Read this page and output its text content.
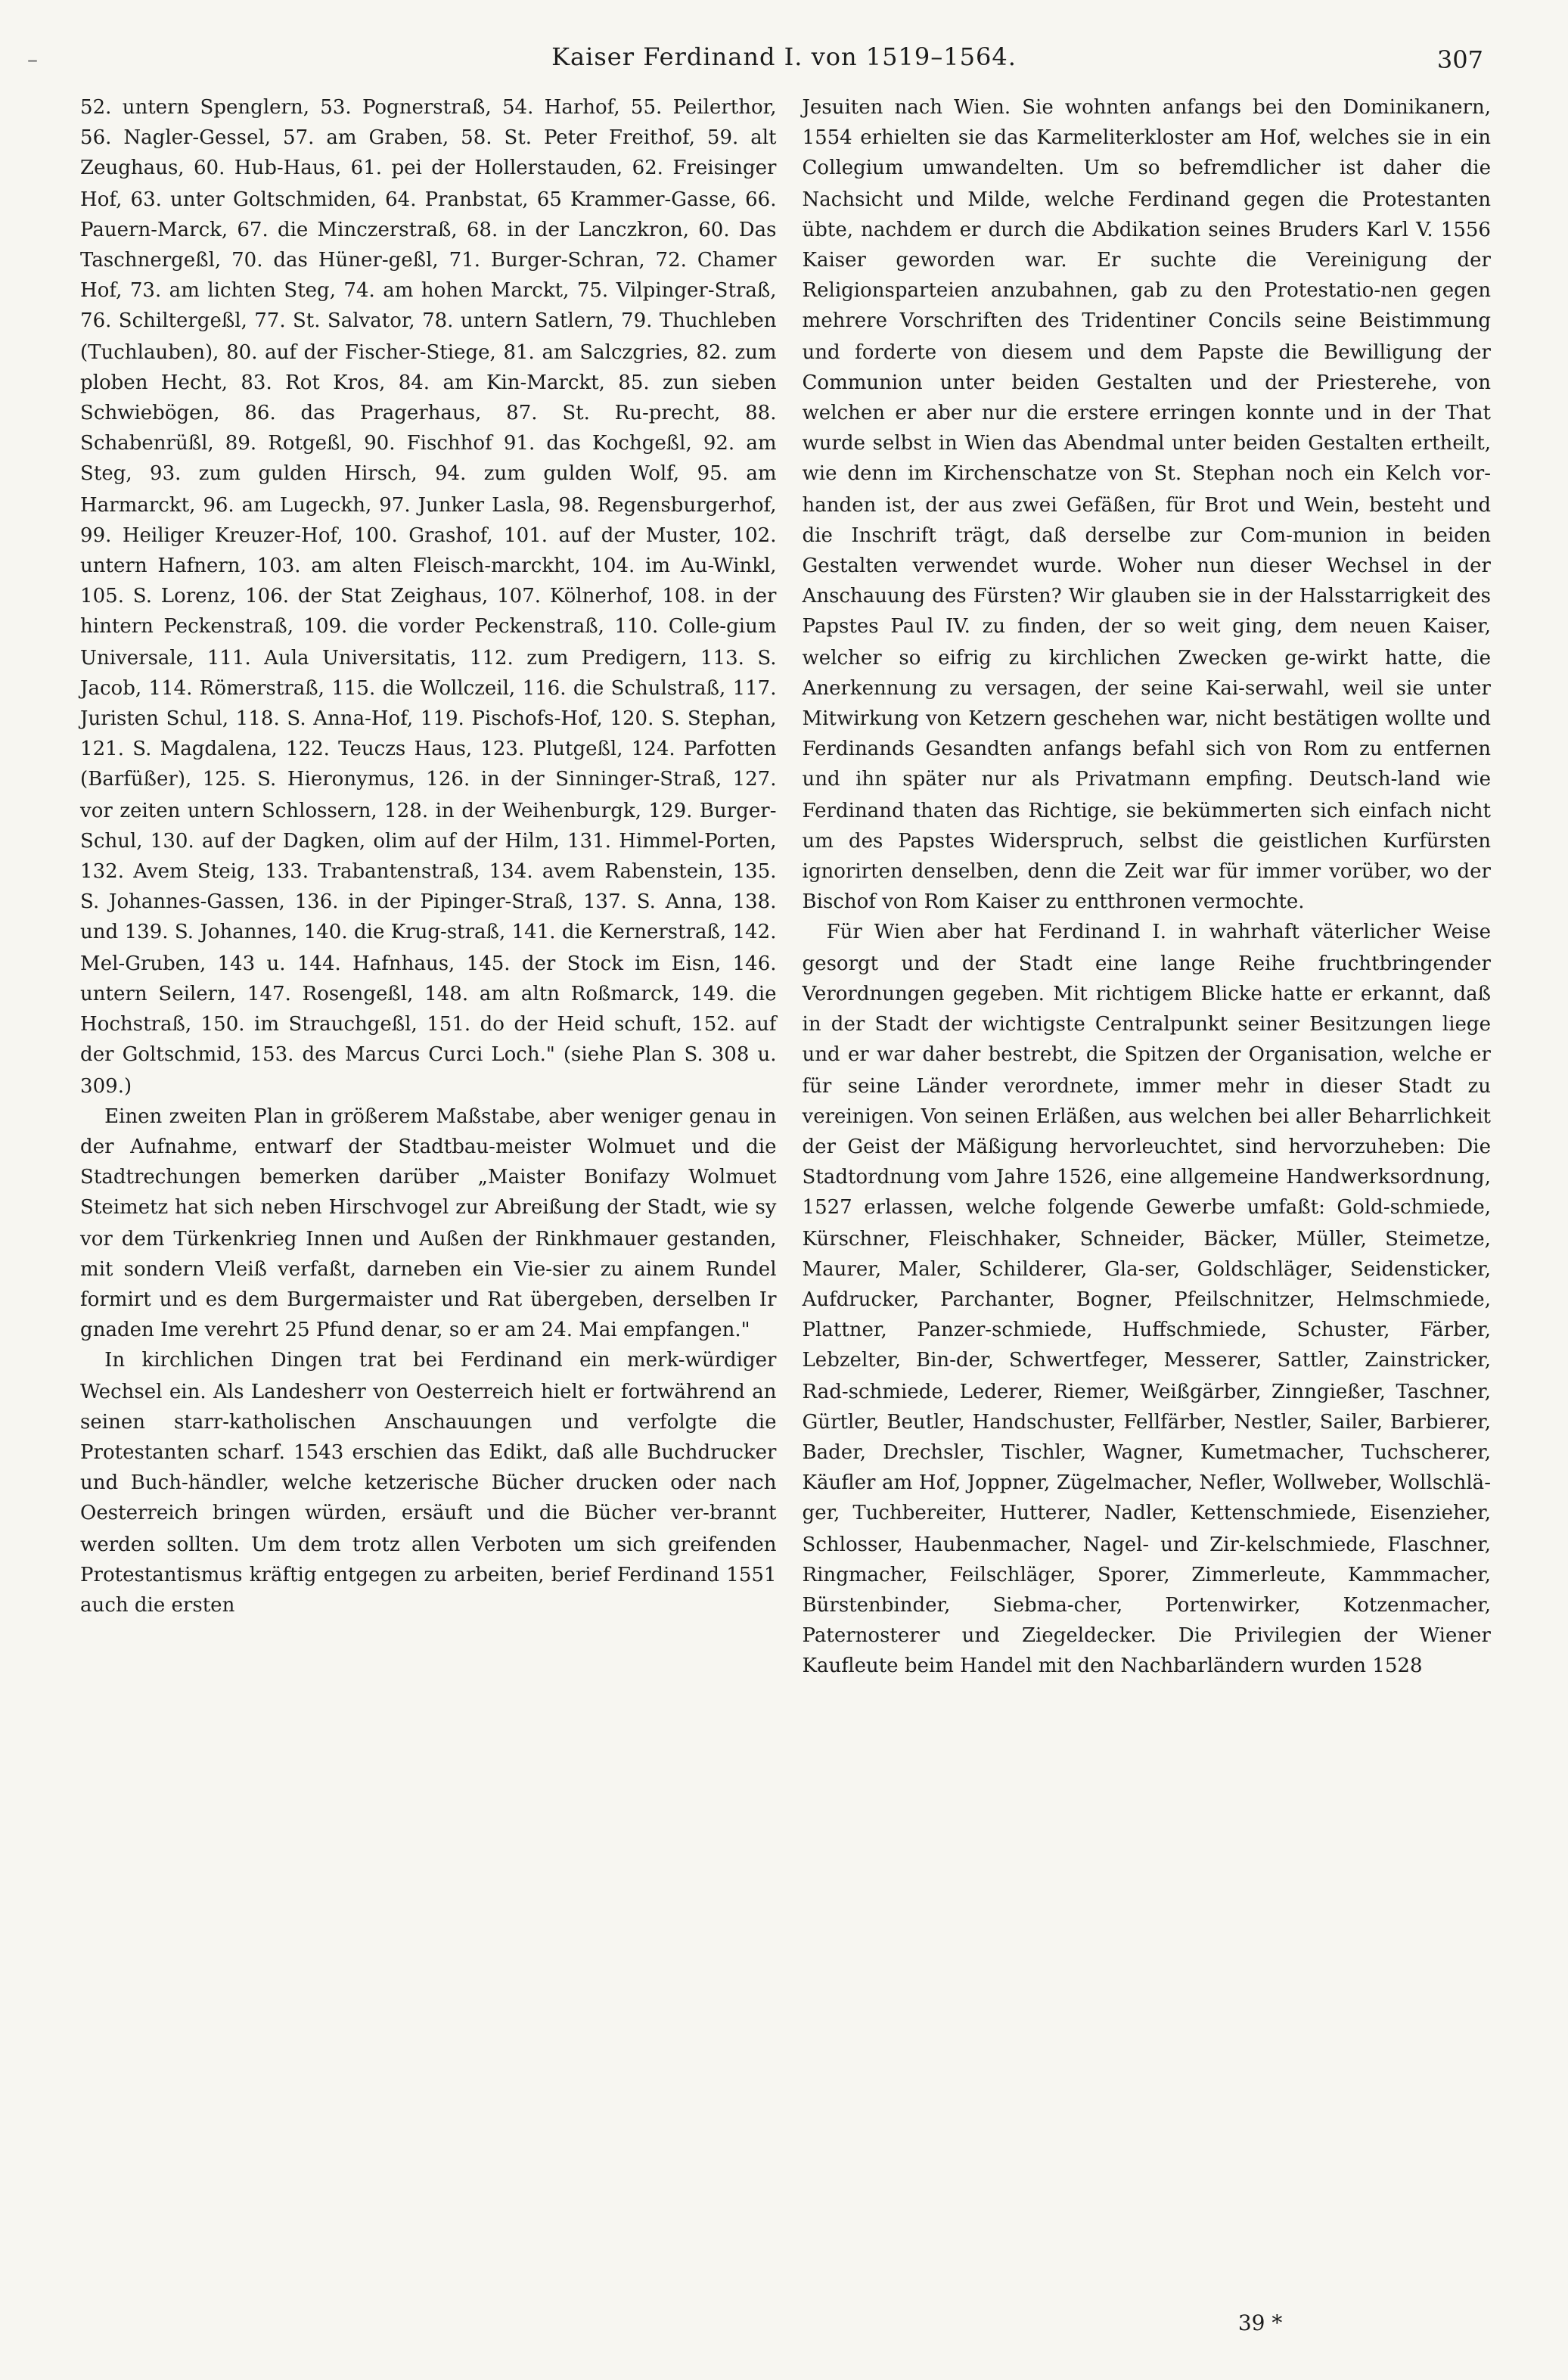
–	Kaiser Ferdinand I. von 1519–1564.	307

52. untern Spenglern, 53. Pognerstraß, 54. Harhof, 55. Peilerthor, 56. Nagler-Gessel, 57. am Graben, 58. St. Peter Freithof, 59. alt Zeughaus, 60. Hub-Haus, 61. pei der Hollerstauden, 62. Freisinger Hof, 63. unter Goltschmiden, 64. Pranbstat, 65 Krammer-Gasse, 66. Pauern-Marck, 67. die Minczerstraß, 68. in der Lanczkron, 60. Das Taschnergeßl, 70. das Hüner-geßl, 71. Burger-Schran, 72. Chamer Hof, 73. am lichten Steg, 74. am hohen Marckt, 75. Vilpinger-Straß, 76. Schiltergeßl, 77. St. Salvator, 78. untern Satlern, 79. Thuchleben (Tuchlauben), 80. auf der Fischer-Stiege, 81. am Salczgries, 82. zum ploben Hecht, 83. Rot Kros, 84. am Kin-Marckt, 85. zun sieben Schwiebögen, 86. das Pragerhaus, 87. St. Ru-precht, 88. Schabenrüßl, 89. Rotgeßl, 90. Fischhof 91. das Kochgeßl, 92. am Steg, 93. zum gulden Hirsch, 94. zum gulden Wolf, 95. am Harmarckt, 96. am Lugeckh, 97. Junker Lasla, 98. Regensburgerhof, 99. Heiliger Kreuzer-Hof, 100. Grashof, 101. auf der Muster, 102. untern Hafnern, 103. am alten Fleisch-marckht, 104. im Au-Winkl, 105. S. Lorenz, 106. der Stat Zeighaus, 107. Kölnerhof, 108. in der hintern Peckenstraß, 109. die vorder Peckenstraß, 110. Colle-gium Universale, 111. Aula Universitatis, 112. zum Predigern, 113. S. Jacob, 114. Römerstraß, 115. die Wollczeil, 116. die Schulstraß, 117. Juristen Schul, 118. S. Anna-Hof, 119. Pischofs-Hof, 120. S. Stephan, 121. S. Magdalena, 122. Teuczs Haus, 123. Plutgeßl, 124. Parfotten (Barfüßer), 125. S. Hieronymus, 126. in der Sinninger-Straß, 127. vor zeiten untern Schlossern, 128. in der Weihenburgk, 129. Burger-Schul, 130. auf der Dagken, olim auf der Hilm, 131. Himmel-Porten, 132. Avem Steig, 133. Trabantenstraß, 134. avem Rabenstein, 135. S. Johannes-Gassen, 136. in der Pipinger-Straß, 137. S. Anna, 138. und 139. S. Johannes, 140. die Krug-straß, 141. die Kernerstraß, 142. Mel-Gruben, 143 u. 144. Hafnhaus, 145. der Stock im Eisn, 146. untern Seilern, 147. Rosengeßl, 148. am altn Roßmarck, 149. die Hochstraß, 150. im Strauchgeßl, 151. do der Heid schuft, 152. auf der Goltschmid, 153. des Marcus Curci Loch." (siehe Plan S. 308 u. 309.)

Einen zweiten Plan in größerem Maßstabe, aber weniger genau in der Aufnahme, entwarf der Stadtbau-meister Wolmuet und die Stadtrechungen bemerken darüber „Maister Bonifazy Wolmuet Steimetz hat sich neben Hirschvogel zur Abreißung der Stadt, wie sy vor dem Türkenkrieg Innen und Außen der Rinkhmauer gestanden, mit sondern Vleiß verfaßt, darneben ein Vie-sier zu ainem Rundel formirt und es dem Burgermaister und Rat übergeben, derselben Ir gnaden Ime verehrt 25 Pfund denar, so er am 24. Mai empfangen."

In kirchlichen Dingen trat bei Ferdinand ein merk-würdiger Wechsel ein. Als Landesherr von Oesterreich hielt er fortwährend an seinen starr-katholischen Anschauungen und verfolgte die Protestanten scharf. 1543 erschien das Edikt, daß alle Buchdrucker und Buch-händler, welche ketzerische Bücher drucken oder nach Oesterreich bringen würden, ersäuft und die Bücher ver-brannt werden sollten. Um dem trotz allen Verboten um sich greifenden Protestantismus kräftig entgegen zu arbeiten, berief Ferdinand 1551 auch die ersten

Jesuiten nach Wien. Sie wohnten anfangs bei den Dominikanern, 1554 erhielten sie das Karmeliterkloster am Hof, welches sie in ein Collegium umwandelten. Um so befremdlicher ist daher die Nachsicht und Milde, welche Ferdinand gegen die Protestanten übte, nachdem er durch die Abdikation seines Bruders Karl V. 1556 Kaiser geworden war. Er suchte die Vereinigung der Religionsparteien anzubahnen, gab zu den Protestatio-nen gegen mehrere Vorschriften des Tridentiner Concils seine Beistimmung und forderte von diesem und dem Papste die Bewilligung der Communion unter beiden Gestalten und der Priesterehe, von welchen er aber nur die erstere erringen konnte und in der That wurde selbst in Wien das Abendmal unter beiden Gestalten ertheilt, wie denn im Kirchenschatze von St. Stephan noch ein Kelch vor-handen ist, der aus zwei Gefäßen, für Brot und Wein, besteht und die Inschrift trägt, daß derselbe zur Com-munion in beiden Gestalten verwendet wurde. Woher nun dieser Wechsel in der Anschauung des Fürsten? Wir glauben sie in der Halsstarrigkeit des Papstes Paul IV. zu finden, der so weit ging, dem neuen Kaiser, welcher so eifrig zu kirchlichen Zwecken ge-wirkt hatte, die Anerkennung zu versagen, der seine Kai-serwahl, weil sie unter Mitwirkung von Ketzern geschehen war, nicht bestätigen wollte und Ferdinands Gesandten anfangs befahl sich von Rom zu entfernen und ihn später nur als Privatmann empfing. Deutsch-land wie Ferdinand thaten das Richtige, sie bekümmerten sich einfach nicht um des Papstes Widerspruch, selbst die geistlichen Kurfürsten ignorirten denselben, denn die Zeit war für immer vorüber, wo der Bischof von Rom Kaiser zu entthronen vermochte.

Für Wien aber hat Ferdinand I. in wahrhaft väterlicher Weise gesorgt und der Stadt eine lange Reihe fruchtbringender Verordnungen gegeben. Mit richtigem Blicke hatte er erkannt, daß in der Stadt der wichtigste Centralpunkt seiner Besitzungen liege und er war daher bestrebt, die Spitzen der Organisation, welche er für seine Länder verordnete, immer mehr in dieser Stadt zu vereinigen. Von seinen Erläßen, aus welchen bei aller Beharrlichkeit der Geist der Mäßigung hervorleuchtet, sind hervorzuheben: Die Stadtordnung vom Jahre 1526, eine allgemeine Handwerksordnung, 1527 erlassen, welche folgende Gewerbe umfaßt: Gold-schmiede, Kürschner, Fleischhaker, Schneider, Bäcker, Müller, Steimetze, Maurer, Maler, Schilderer, Gla-ser, Goldschläger, Seidensticker, Aufdrucker, Parchanter, Bogner, Pfeilschnitzer, Helmschmiede, Plattner, Panzer-schmiede, Huffschmiede, Schuster, Färber, Lebzelter, Bin-der, Schwertfeger, Messerer, Sattler, Zainstricker, Rad-schmiede, Lederer, Riemer, Weißgärber, Zinngießer, Taschner, Gürtler, Beutler, Handschuster, Fellfärber, Nestler, Sailer, Barbierer, Bader, Drechsler, Tischler, Wagner, Kumetmacher, Tuchscherer, Käufler am Hof, Joppner, Zügelmacher, Nefler, Wollweber, Wollschlä-ger, Tuchbereiter, Hutterer, Nadler, Kettenschmiede, Eisenzieher, Schlosser, Haubenmacher, Nagel- und Zir-kelschmiede, Flaschner, Ringmacher, Feilschläger, Sporer, Zimmerleute, Kammmacher, Bürstenbinder, Siebma-cher, Portenwirker, Kotzenmacher, Paternosterer und Ziegeldecker. Die Privilegien der Wiener Kaufleute beim Handel mit den Nachbarländern wurden 1528

39 *
